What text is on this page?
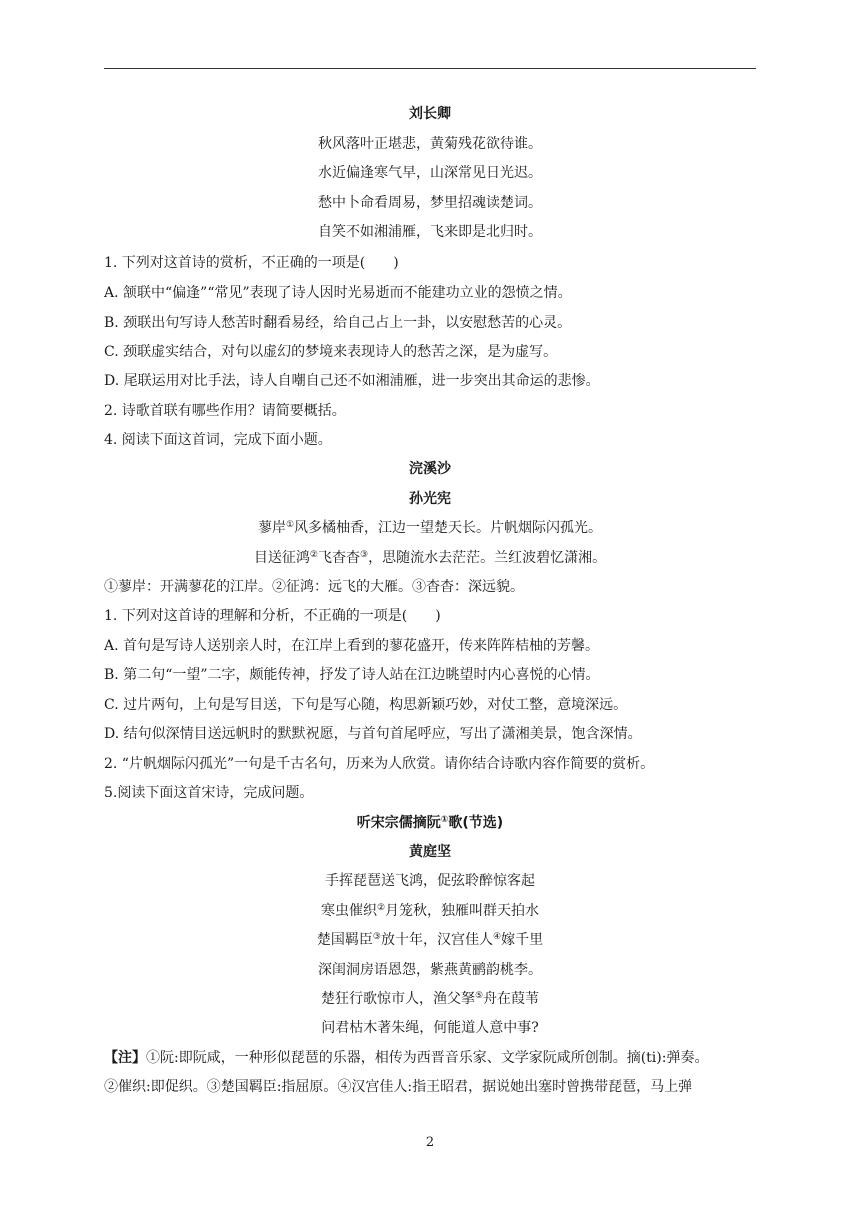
刘长卿
秋风落叶正堪悲，黄菊残花欲待谁。
水近偏逢寒气早，山深常见日光迟。
愁中卜命看周易，梦里招魂读楚词。
自笑不如湘浦雁，飞来即是北归时。
1. 下列对这首诗的赏析，不正确的一项是(　　)
A. 颔联中“偏逢”“常见”表现了诗人因时光易逝而不能建功立业的怨愤之情。
B. 颈联出句写诗人愁苦时翻看易经，给自己占上一卦，以安慰愁苦的心灵。
C. 颈联虚实结合，对句以虚幻的梦境来表现诗人的愁苦之深，是为虚写。
D. 尾联运用对比手法，诗人自嘲自己还不如湘浦雁，进一步突出其命运的悲惨。
2. 诗歌首联有哪些作用？请简要概括。
4. 阅读下面这首词，完成下面小题。
浣溪沙
孙光宪
蓼岸①风多橘柚香，江边一望楚天长。片帆烟际闪孤光。
目送征鸿②飞杳杳③，思随流水去茫茫。兰红波碧忆潇湘。
①蓼岸：开满蓼花的江岸。②征鸿：远飞的大雁。③杳杳：深远貌。
1. 下列对这首诗的理解和分析，不正确的一项是(　　)
A. 首句是写诗人送别亲人时，在江岸上看到的蓼花盛开，传来阵阵桔柚的芳馨。
B. 第二句“一望”二字，颇能传神，抒发了诗人站在江边眺望时内心喜悦的心情。
C. 过片两句，上句是写目送，下句是写心随，构思新颖巧妙，对仗工整，意境深远。
D. 结句似深情目送远帆时的默默祝愿，与首句首尾呼应，写出了潇湘美景，饱含深情。
2. “片帆烟际闪孤光”一句是千古名句，历来为人欣赏。请你结合诗歌内容作简要的赏析。
5.阅读下面这首宋诗，完成问题。
听宋宗儒摘阮①歌(节选)
黄庭坚
手挥琵琶送飞鸿，促弦聆醉惊客起
寒虫催织②月笼秋，独雁叫群天拍水
楚国羁臣③放十年，汉宫佳人④嫁千里
深闺洞房语恩怨，紫燕黄鹂韵桃李。
楚狂行歌惊市人，渔父拏⑤舟在葭苇
问君枯木著朱绳，何能道人意中事?
【注】①阮:即阮咸，一种形似琵琶的乐器，相传为西晋音乐家、文学家阮咸所创制。摘(ti):弹奏。
②催织:即促织。③楚国羁臣:指屈原。④汉宫佳人:指王昭君，据说她出塞时曾携带琵琶，马上弹
2
